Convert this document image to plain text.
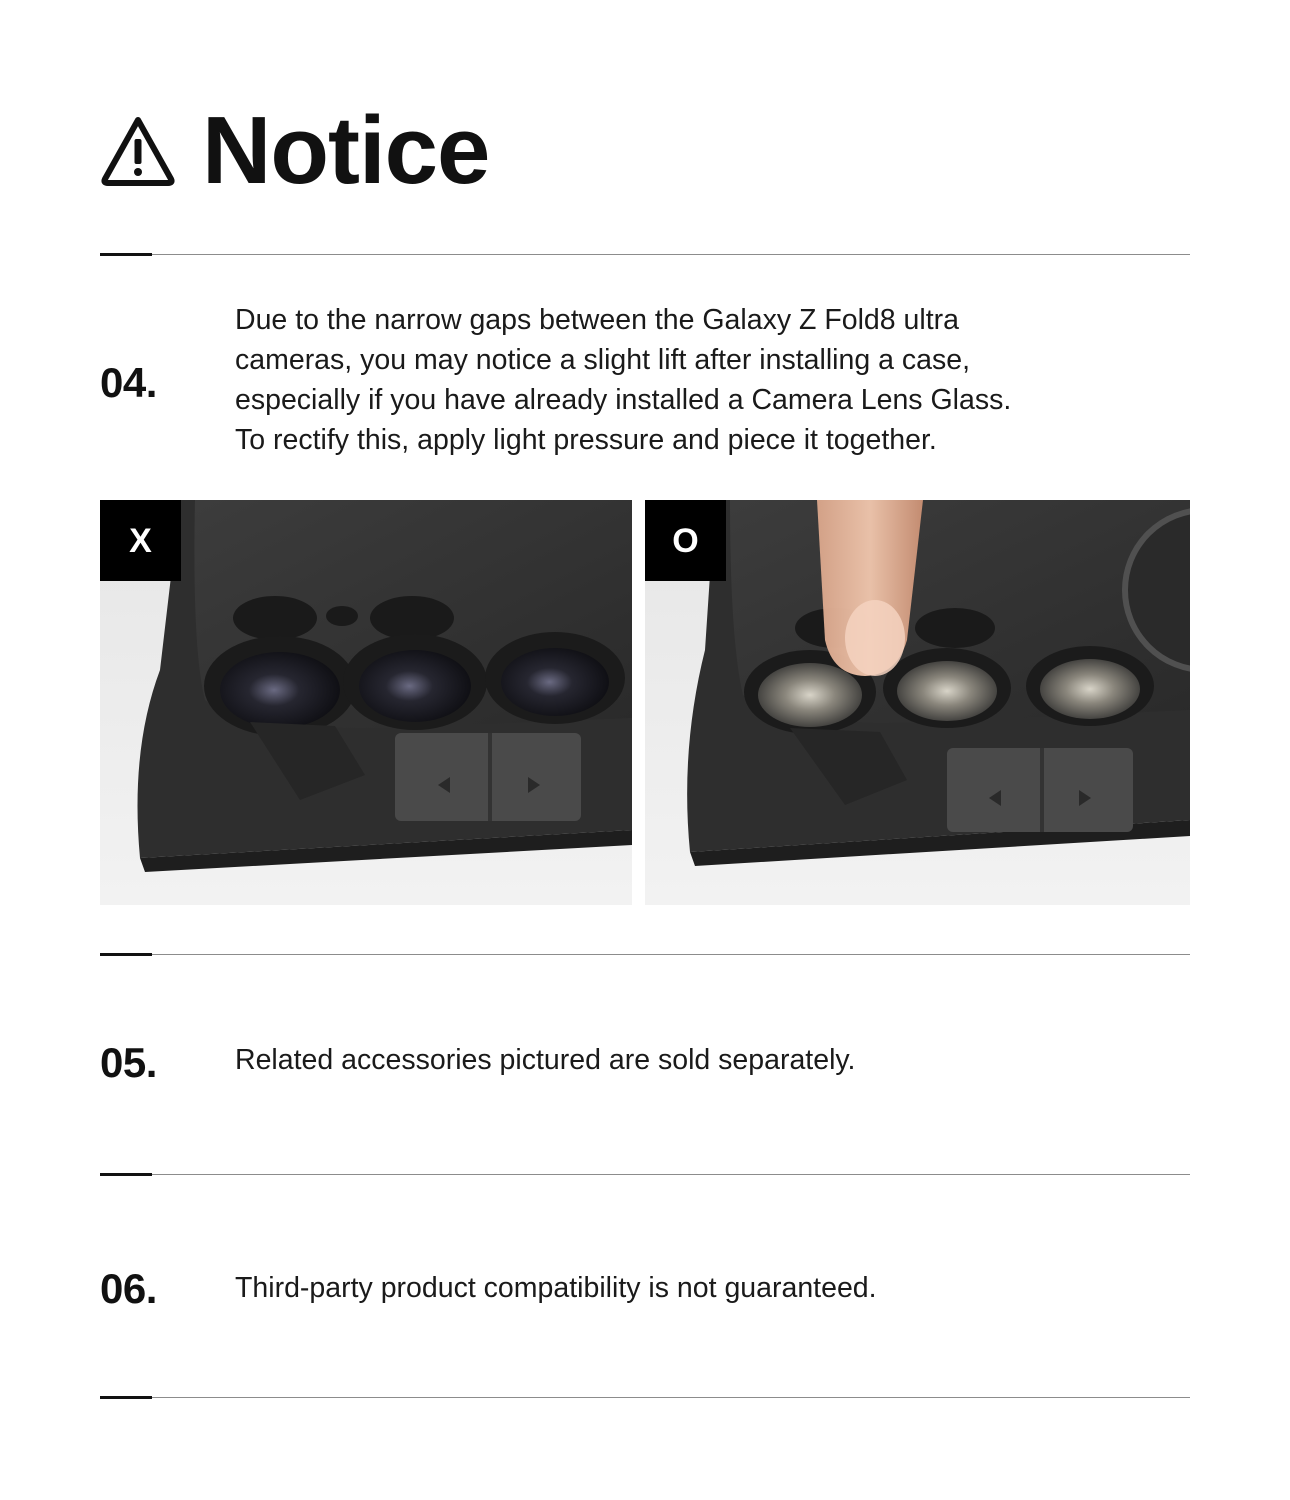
Notice
04.
Due to the narrow gaps between the Galaxy Z Fold8 ultra
cameras, you may notice a slight lift after installing a case,
especially if you have already installed a Camera Lens Glass.
To rectify this, apply light pressure and piece it together.
X	O
05.	Related accessories pictured are sold separately.
06.	Third-party product compatibility is not guaranteed.
